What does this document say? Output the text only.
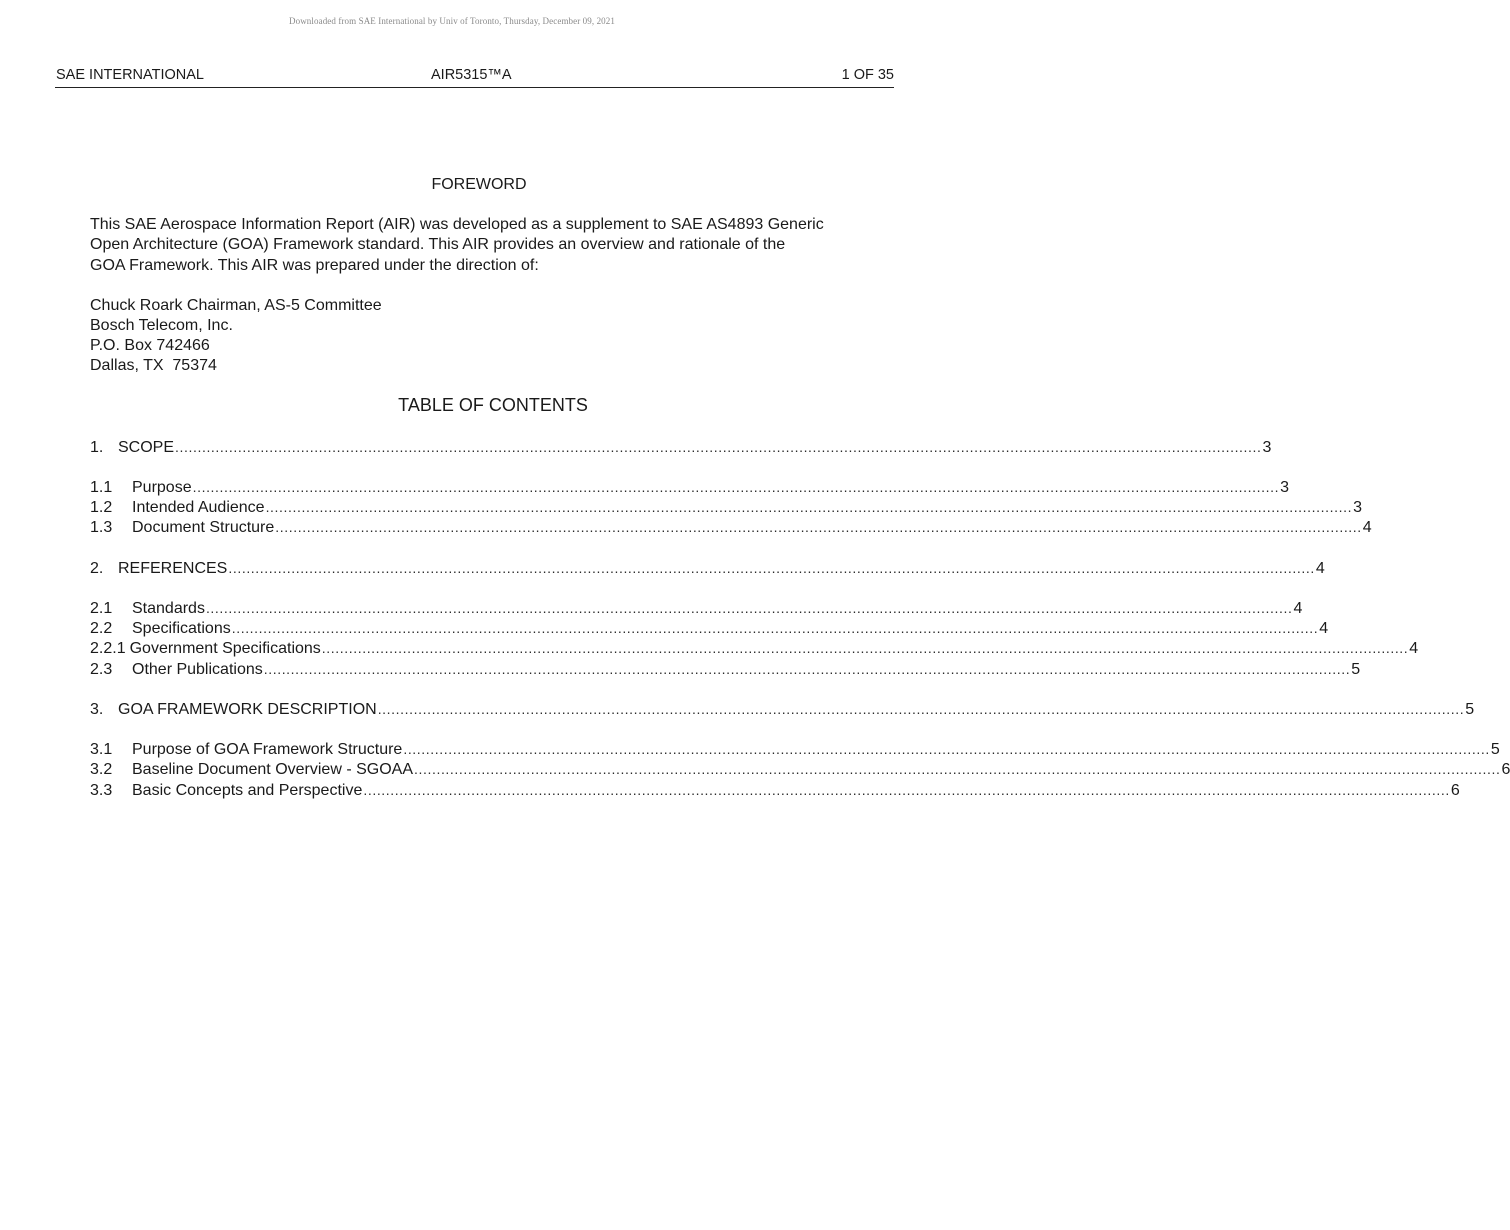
Downloaded from SAE International by Univ of Toronto, Thursday, December 09, 2021
SAE INTERNATIONAL	AIR5315™A	1 OF 35
FOREWORD

This SAE Aerospace Information Report (AIR) was developed as a supplement to SAE AS4893 Generic

Open Architecture (GOA) Framework standard. This AIR provides an overview and rationale of the

GOA Framework. This AIR was prepared under the direction of:

Chuck Roark Chairman, AS-5 Committee
Bosch Telecom, Inc.
P.O. Box 742466
Dallas, TX  75374
TABLE OF CONTENTS
1. SCOPE .................................................................................................................................................................................................................................................. 3
1.1	Purpose .................................................................................................................................................................................................................................................. 3
1.2	Intended Audience .................................................................................................................................................................................................................................................. 3
1.3	Document Structure .................................................................................................................................................................................................................................................. 4
2. REFERENCES .................................................................................................................................................................................................................................................. 4
2.1	Standards .................................................................................................................................................................................................................................................. 4
2.2	Specifications .................................................................................................................................................................................................................................................. 4
2.2.1 Government Specifications .................................................................................................................................................................................................................................................. 4
2.3	Other Publications .................................................................................................................................................................................................................................................. 5
3. GOA FRAMEWORK DESCRIPTION .................................................................................................................................................................................................................................................. 5
3.1	Purpose of GOA Framework Structure .................................................................................................................................................................................................................................................. 5
3.2	Baseline Document Overview - SGOAA .................................................................................................................................................................................................................................................. 6
3.3	Basic Concepts and Perspective .................................................................................................................................................................................................................................................. 6
